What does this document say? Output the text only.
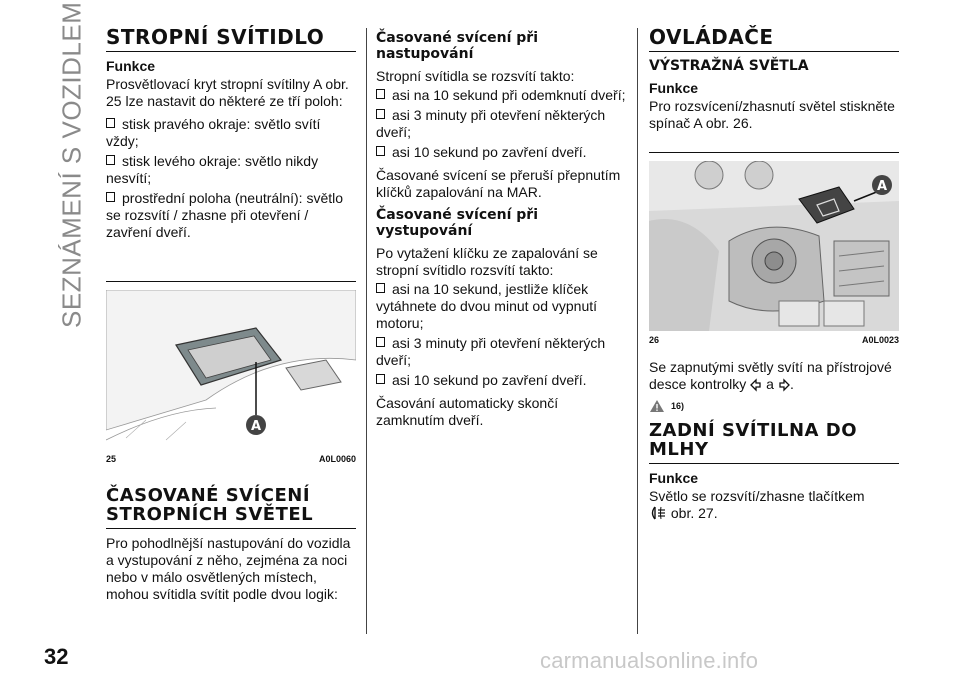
SEZNÁMENÍ S VOZIDLEM
32	carmanualsonline.info
STROPNÍ SVÍTIDLO
Funkce

Prosvětlovací kryt stropní svítilny A obr. 25 lze nastavit do některé ze tří poloh:

stisk pravého okraje: světlo svítí vždy;
stisk levého okraje: světlo nikdy nesvítí;
prostřední poloha (neutrální): světlo se rozsvítí / zhasne při otevření / zavření dveří.
A
25	A0L0060
ČASOVANÉ SVÍCENÍ STROPNÍCH SVĚTEL

Pro pohodlnější nastupování do vozidla a vystupování z něho, zejména za noci nebo v málo osvětlených místech, mohou svítidla svítit podle dvou logik:

Časované svícení při nastupování

Stropní svítidla se rozsvítí takto:

asi na 10 sekund při odemknutí dveří;
asi 3 minuty při otevření některých dveří;
asi 10 sekund po zavření dveří.

Časované svícení se přeruší přepnutím klíčků zapalování na MAR.

Časované svícení při vystupování

Po vytažení klíčku ze zapalování se stropní svítidlo rozsvítí takto:

asi na 10 sekund, jestliže klíček vytáhnete do dvou minut od vypnutí motoru;
asi 3 minuty při otevření některých dveří;
asi 10 sekund po zavření dveří.

Časování automaticky skončí zamknutím dveří.

OVLÁDAČE
VÝSTRAŽNÁ SVĚTLA
Funkce

Pro rozsvícení/zhasnutí světel stiskněte spínač A obr. 26.

A
26	A0L0023

Se zapnutými světly svítí na přístrojové desce kontrolky a .

16)
ZADNÍ SVÍTILNA DO MLHY
Funkce

Světlo se rozsvítí/zhasne tlačítkem
obr. 27.
